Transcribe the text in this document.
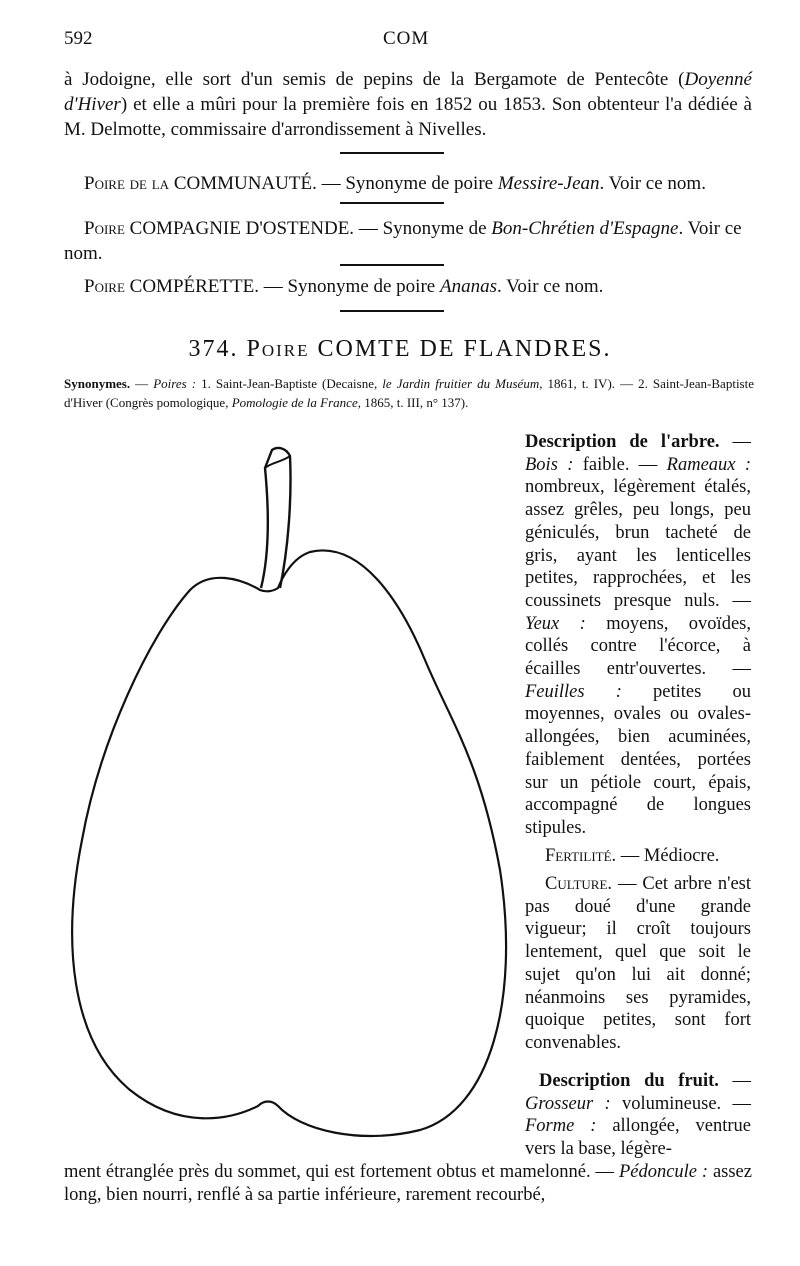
592	COM
à Jodoigne, elle sort d'un semis de pepins de la Bergamote de Pentecôte (Doyenné d'Hiver) et elle a mûri pour la première fois en 1852 ou 1853. Son obtenteur l'a dédiée à M. Delmotte, commissaire d'arrondissement à Nivelles.
Poire de la COMMUNAUTÉ. — Synonyme de poire Messire-Jean. Voir ce nom.
Poire COMPAGNIE D'OSTENDE. — Synonyme de Bon-Chrétien d'Espagne. Voir ce nom.
Poire COMPÉRETTE. — Synonyme de poire Ananas. Voir ce nom.
374. Poire COMTE DE FLANDRES.
Synonymes. — Poires : 1. Saint-Jean-Baptiste (Decaisne, le Jardin fruitier du Muséum, 1861, t. IV). — 2. Saint-Jean-Baptiste d'Hiver (Congrès pomologique, Pomologie de la France, 1865, t. III, n° 137).
Description de l'arbre. — Bois : faible. — Rameaux : nombreux, légèrement étalés, assez grêles, peu longs, peu géniculés, brun tacheté de gris, ayant les lenticelles petites, rapprochées, et les coussinets presque nuls. — Yeux : moyens, ovoïdes, collés contre l'écorce, à écailles entr'ouvertes. — Feuilles : petites ou moyennes, ovales ou ovales-allongées, bien acuminées, faiblement dentées, portées sur un pétiole court, épais, accompagné de longues stipules.
Fertilité. — Médiocre.
Culture. — Cet arbre n'est pas doué d'une grande vigueur; il croît toujours lentement, quel que soit le sujet qu'on lui ait donné; néanmoins ses pyramides, quoique petites, sont fort convenables.
Description du fruit. — Grosseur : volumineuse. — Forme : allongée, ventrue vers la base, légère-
ment étranglée près du sommet, qui est fortement obtus et mamelonné. — Pédoncule : assez long, bien nourri, renflé à sa partie inférieure, rarement recourbé,
